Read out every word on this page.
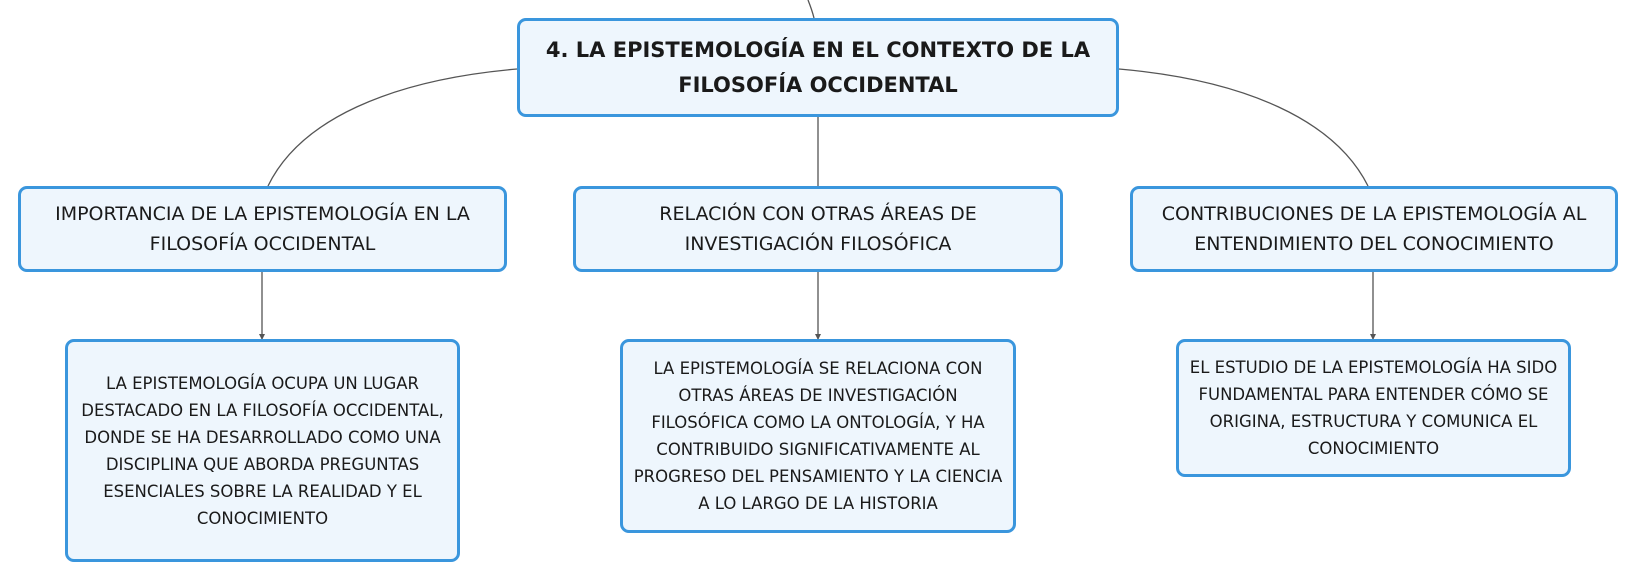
4. LA EPISTEMOLOGÍA EN EL CONTEXTO DE LA FILOSOFÍA OCCIDENTAL
IMPORTANCIA DE LA EPISTEMOLOGÍA EN LA FILOSOFÍA OCCIDENTAL
RELACIÓN CON OTRAS ÁREAS DE INVESTIGACIÓN FILOSÓFICA
CONTRIBUCIONES DE LA EPISTEMOLOGÍA AL ENTENDIMIENTO DEL CONOCIMIENTO
LA EPISTEMOLOGÍA OCUPA UN LUGAR DESTACADO EN LA FILOSOFÍA OCCIDENTAL, DONDE SE HA DESARROLLADO COMO UNA DISCIPLINA QUE ABORDA PREGUNTAS ESENCIALES SOBRE LA REALIDAD Y EL CONOCIMIENTO
LA EPISTEMOLOGÍA SE RELACIONA CON OTRAS ÁREAS DE INVESTIGACIÓN FILOSÓFICA COMO LA ONTOLOGÍA, Y HA CONTRIBUIDO SIGNIFICATIVAMENTE AL PROGRESO DEL PENSAMIENTO Y LA CIENCIA A LO LARGO DE LA HISTORIA
EL ESTUDIO DE LA EPISTEMOLOGÍA HA SIDO FUNDAMENTAL PARA ENTENDER CÓMO SE ORIGINA, ESTRUCTURA Y COMUNICA EL CONOCIMIENTO
